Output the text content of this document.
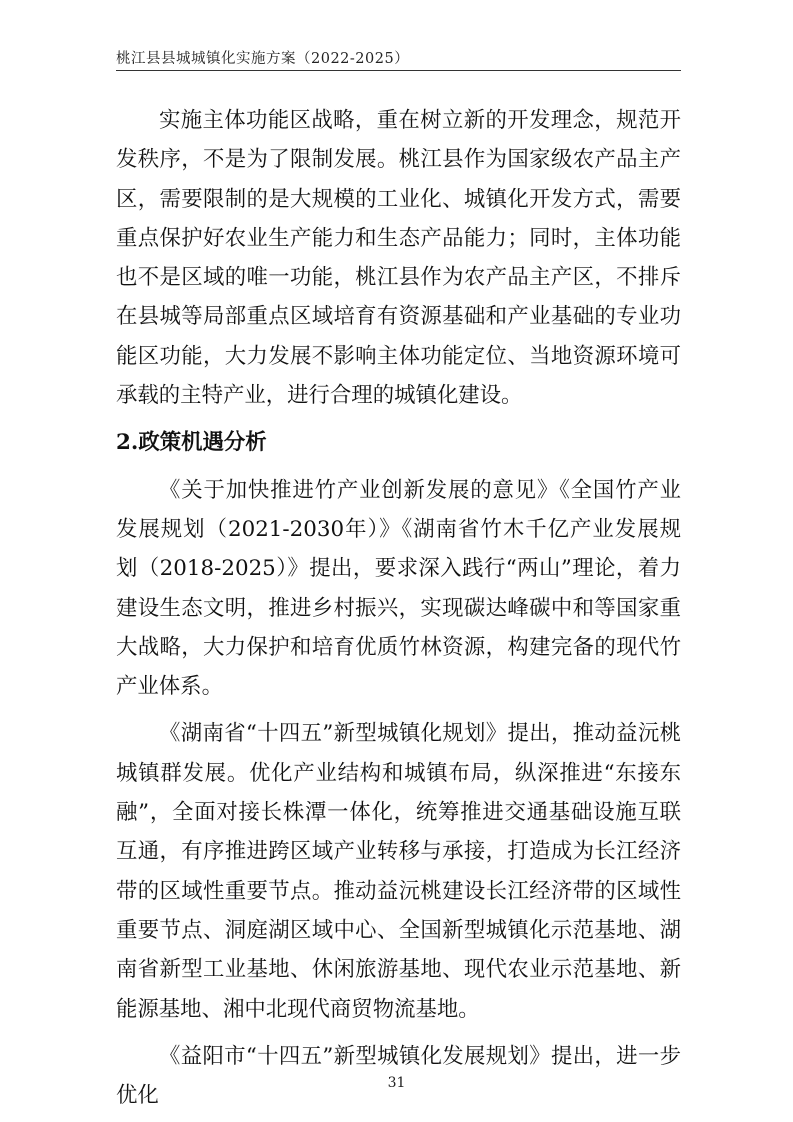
桃江县县城城镇化实施方案（2022-2025）

实施主体功能区战略，重在树立新的开发理念，规范开发秩序，不是为了限制发展。桃江县作为国家级农产品主产区，需要限制的是大规模的工业化、城镇化开发方式，需要重点保护好农业生产能力和生态产品能力；同时，主体功能也不是区域的唯一功能，桃江县作为农产品主产区，不排斥在县城等局部重点区域培育有资源基础和产业基础的专业功能区功能，大力发展不影响主体功能定位、当地资源环境可承载的主特产业，进行合理的城镇化建设。

2.政策机遇分析

《关于加快推进竹产业创新发展的意见》《全国竹产业发展规划（2021-2030年）》《湖南省竹木千亿产业发展规划（2018-2025）》提出，要求深入践行“两山”理论，着力建设生态文明，推进乡村振兴，实现碳达峰碳中和等国家重大战略，大力保护和培育优质竹林资源，构建完备的现代竹产业体系。

《湖南省“十四五”新型城镇化规划》提出，推动益沅桃城镇群发展。优化产业结构和城镇布局，纵深推进“东接东融”，全面对接长株潭一体化，统筹推进交通基础设施互联互通，有序推进跨区域产业转移与承接，打造成为长江经济带的区域性重要节点。推动益沅桃建设长江经济带的区域性重要节点、洞庭湖区域中心、全国新型城镇化示范基地、湖南省新型工业基地、休闲旅游基地、现代农业示范基地、新能源基地、湘中北现代商贸物流基地。

《益阳市“十四五”新型城镇化发展规划》提出，进一步优化

31
